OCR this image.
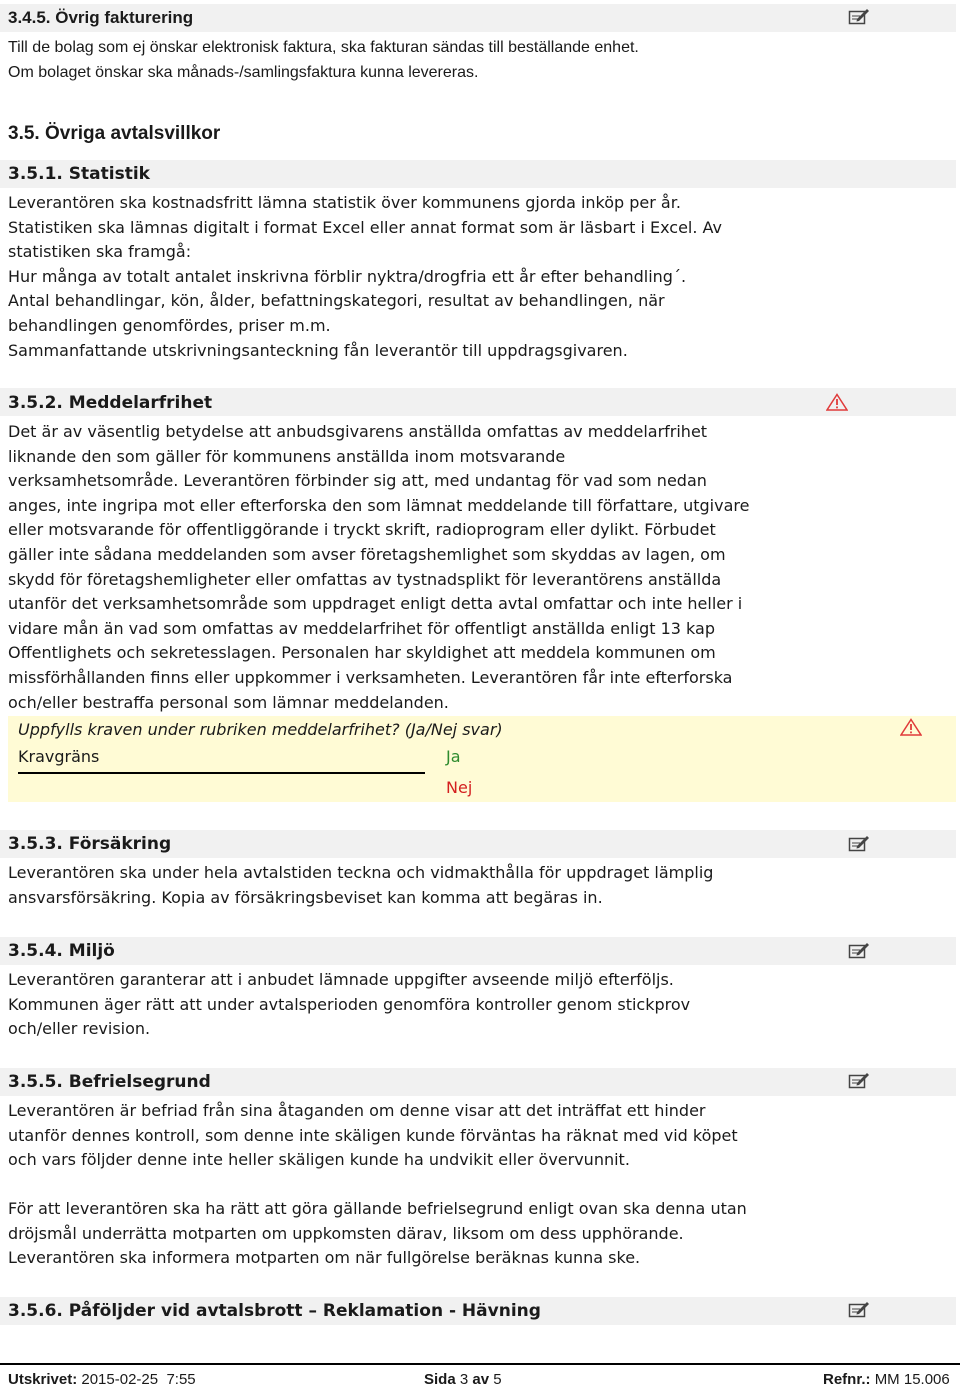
3.4.5. Övrig fakturering
Till de bolag som ej önskar elektronisk faktura, ska fakturan sändas till beställande enhet.
Om bolaget önskar ska månads-/samlingsfaktura kunna levereras.
3.5. Övriga avtalsvillkor
3.5.1. Statistik
Leverantören ska kostnadsfritt lämna statistik över kommunens gjorda inköp per år.
Statistiken ska lämnas digitalt i format Excel eller annat format som är läsbart i Excel. Av
statistiken ska framgå:
Hur många av totalt antalet inskrivna förblir nyktra/drogfria ett år efter behandling´.
Antal behandlingar, kön, ålder, befattningskategori, resultat av behandlingen, när
behandlingen genomfördes, priser m.m.
Sammanfattande utskrivningsanteckning fån leverantör till uppdragsgivaren.
3.5.2. Meddelarfrihet
Det är av väsentlig betydelse att anbudsgivarens anställda omfattas av meddelarfrihet
liknande den som gäller för kommunens anställda inom motsvarande
verksamhetsområde. Leverantören förbinder sig att, med undantag för vad som nedan
anges, inte ingripa mot eller efterforska den som lämnat meddelande till författare, utgivare
eller motsvarande för offentliggörande i tryckt skrift, radioprogram eller dylikt. Förbudet
gäller inte sådana meddelanden som avser företagshemlighet som skyddas av lagen, om
skydd för företagshemligheter eller omfattas av tystnadsplikt för leverantörens anställda
utanför det verksamhetsområde som uppdraget enligt detta avtal omfattar och inte heller i
vidare mån än vad som omfattas av meddelarfrihet för offentligt anställda enligt 13 kap
Offentlighets och sekretesslagen. Personalen har skyldighet att meddela kommunen om
missförhållanden finns eller uppkommer i verksamheten. Leverantören får inte efterforska
och/eller bestraffa personal som lämnar meddelanden.
Uppfylls kraven under rubriken meddelarfrihet? (Ja/Nej svar)
Kravgräns	Ja
Nej
3.5.3. Försäkring
Leverantören ska under hela avtalstiden teckna och vidmakthålla för uppdraget lämplig
ansvarsförsäkring. Kopia av försäkringsbeviset kan komma att begäras in.
3.5.4. Miljö
Leverantören garanterar att i anbudet lämnade uppgifter avseende miljö efterföljs.
Kommunen äger rätt att under avtalsperioden genomföra kontroller genom stickprov
och/eller revision.
3.5.5. Befrielsegrund
Leverantören är befriad från sina åtaganden om denne visar att det inträffat ett hinder
utanför dennes kontroll, som denne inte skäligen kunde förväntas ha räknat med vid köpet
och vars följder denne inte heller skäligen kunde ha undvikit eller övervunnit.
För att leverantören ska ha rätt att göra gällande befrielsegrund enligt ovan ska denna utan
dröjsmål underrätta motparten om uppkomsten därav, liksom om dess upphörande.
Leverantören ska informera motparten om när fullgörelse beräknas kunna ske.
3.5.6. Påföljder vid avtalsbrott – Reklamation - Hävning
Utskrivet: 2015-02-25  7:55	Sida 3 av 5	Refnr.: MM 15.006
